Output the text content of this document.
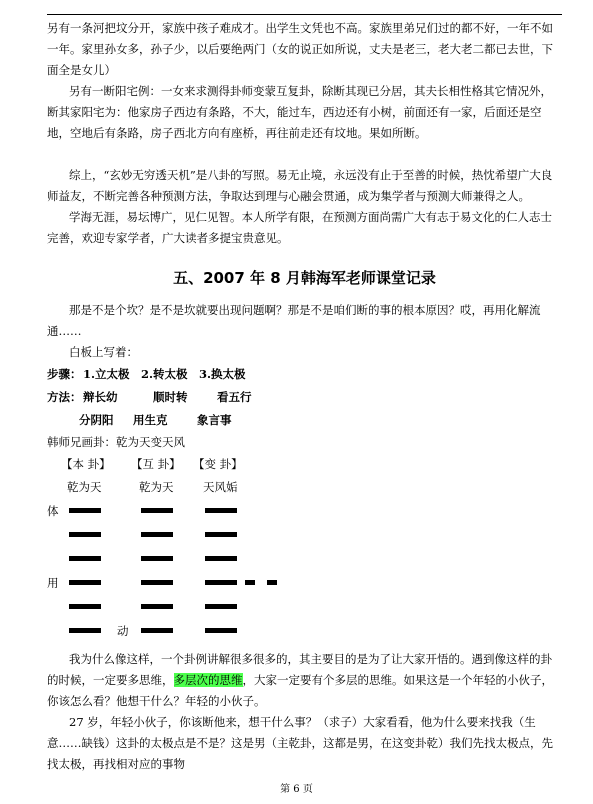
另有一条河把坟分开，家族中孩子难成才。出学生文凭也不高。家族里弟兄们过的都不好，一年不如一年。家里孙女多，孙子少，以后要绝两门（女的说正如所说，丈夫是老三，老大老二都已去世，下面全是女儿）

另有一断阳宅例：一女来求测得卦师变蒙互复卦，除断其现已分居，其夫长相性格其它情况外，断其家阳宅为：他家房子西边有条路，不大，能过车，西边还有小树，前面还有一家，后面还是空地，空地后有条路，房子西北方向有座桥，再往前走还有坟地。果如所断。

综上，“玄妙无穷透天机”是八卦的写照。易无止境，永远没有止于至善的时候，热忱希望广大良师益友，不断完善各种预测方法，争取达到理与心融会贯通，成为集学者与预测大师兼得之人。

学海无涯，易坛博广，见仁见智。本人所学有限，在预测方面尚需广大有志于易文化的仁人志士完善，欢迎专家学者，广大读者多提宝贵意见。

五、2007 年 8 月韩海军老师课堂记录

那是不是个坎？是不是坎就要出现问题啊？那是不是咱们断的事的根本原因？哎，再用化解流通……

白板上写着：

步骤： 1.立太极 2.转太极 3.换太极
方法： 辩长幼	顺时转	看五行
分阴阳 用生克	象言事

韩师兄画卦：乾为天变天风

【本 卦】 【互 卦】 【变 卦】
乾为天	乾为天	天风姤
体
用
动

我为什么像这样，一个卦例讲解很多很多的，其主要目的是为了让大家开悟的。遇到像这样的卦的时候，一定要多思维，多层次的思维，大家一定要有个多层的思维。如果这是一个年轻的小伙子，你该怎么看？他想干什么？年轻的小伙子。

27 岁，年轻小伙子，你该断他来，想干什么事？（求子）大家看看，他为什么要来找我（生意……缺钱）这卦的太极点是不是？这是男（主乾卦，这都是男，在这变卦乾）我们先找太极点，先找太极，再找相对应的事物

第 6 页
